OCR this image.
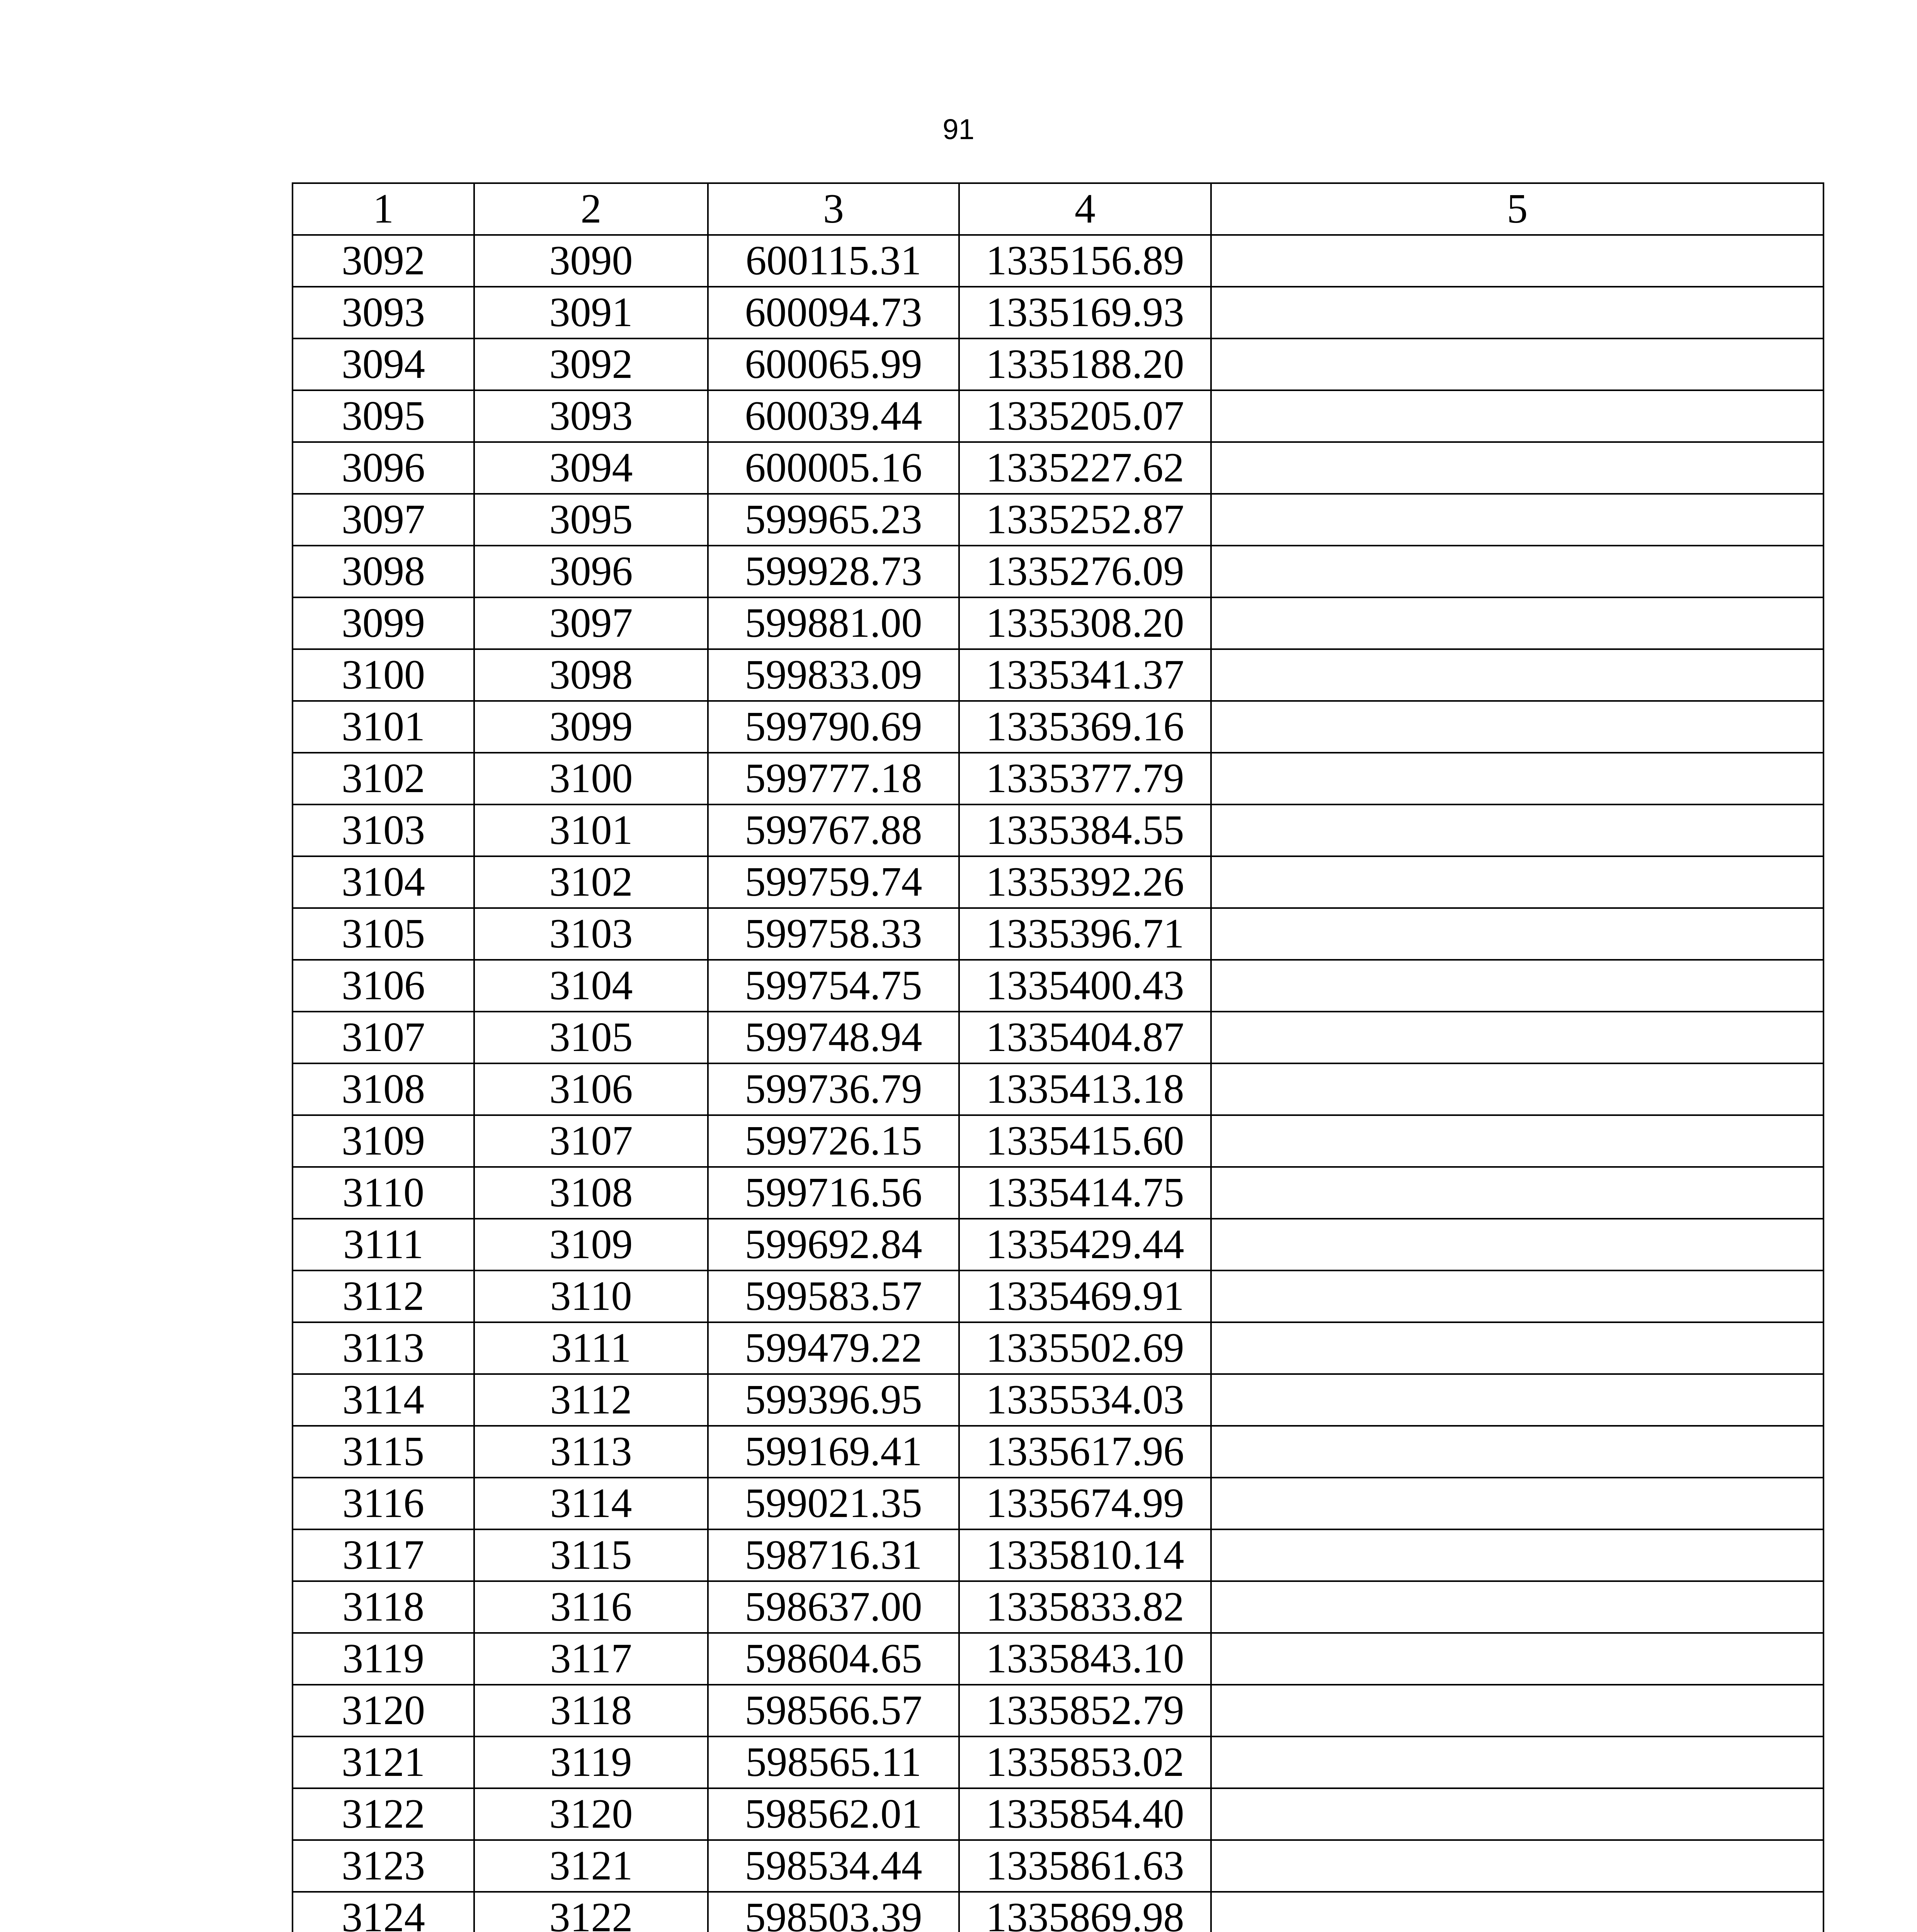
91
1	2	3	4	5
3092	3090	600115.31	1335156.89	
3093	3091	600094.73	1335169.93	
3094	3092	600065.99	1335188.20	
3095	3093	600039.44	1335205.07	
3096	3094	600005.16	1335227.62	
3097	3095	599965.23	1335252.87	
3098	3096	599928.73	1335276.09	
3099	3097	599881.00	1335308.20	
3100	3098	599833.09	1335341.37	
3101	3099	599790.69	1335369.16	
3102	3100	599777.18	1335377.79	
3103	3101	599767.88	1335384.55	
3104	3102	599759.74	1335392.26	
3105	3103	599758.33	1335396.71	
3106	3104	599754.75	1335400.43	
3107	3105	599748.94	1335404.87	
3108	3106	599736.79	1335413.18	
3109	3107	599726.15	1335415.60	
3110	3108	599716.56	1335414.75	
3111	3109	599692.84	1335429.44	
3112	3110	599583.57	1335469.91	
3113	3111	599479.22	1335502.69	
3114	3112	599396.95	1335534.03	
3115	3113	599169.41	1335617.96	
3116	3114	599021.35	1335674.99	
3117	3115	598716.31	1335810.14	
3118	3116	598637.00	1335833.82	
3119	3117	598604.65	1335843.10	
3120	3118	598566.57	1335852.79	
3121	3119	598565.11	1335853.02	
3122	3120	598562.01	1335854.40	
3123	3121	598534.44	1335861.63	
3124	3122	598503.39	1335869.98	
